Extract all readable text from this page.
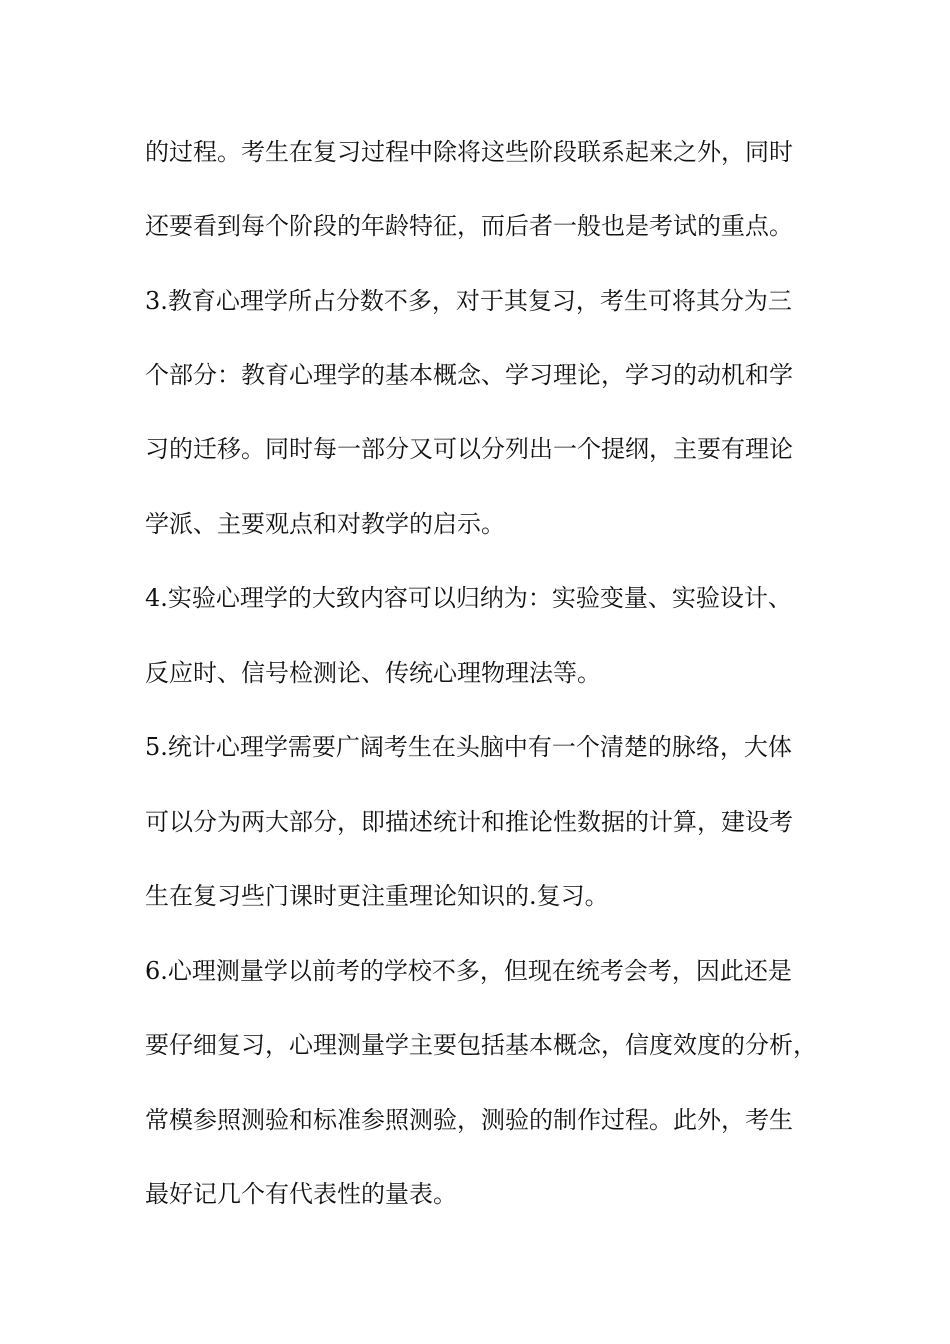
的过程。考生在复习过程中除将这些阶段联系起来之外，同时
还要看到每个阶段的年龄特征，而后者一般也是考试的重点。
3.教育心理学所占分数不多，对于其复习，考生可将其分为三
个部分：教育心理学的基本概念、学习理论，学习的动机和学
习的迁移。同时每一部分又可以分列出一个提纲，主要有理论
学派、主要观点和对教学的启示。
4.实验心理学的大致内容可以归纳为：实验变量、实验设计、
反应时、信号检测论、传统心理物理法等。
5.统计心理学需要广阔考生在头脑中有一个清楚的脉络，大体
可以分为两大部分，即描述统计和推论性数据的计算，建设考
生在复习些门课时更注重理论知识的.复习。
6.心理测量学以前考的学校不多，但现在统考会考，因此还是
要仔细复习，心理测量学主要包括基本概念，信度效度的分析，
常模参照测验和标准参照测验，测验的制作过程。此外，考生
最好记几个有代表性的量表。
